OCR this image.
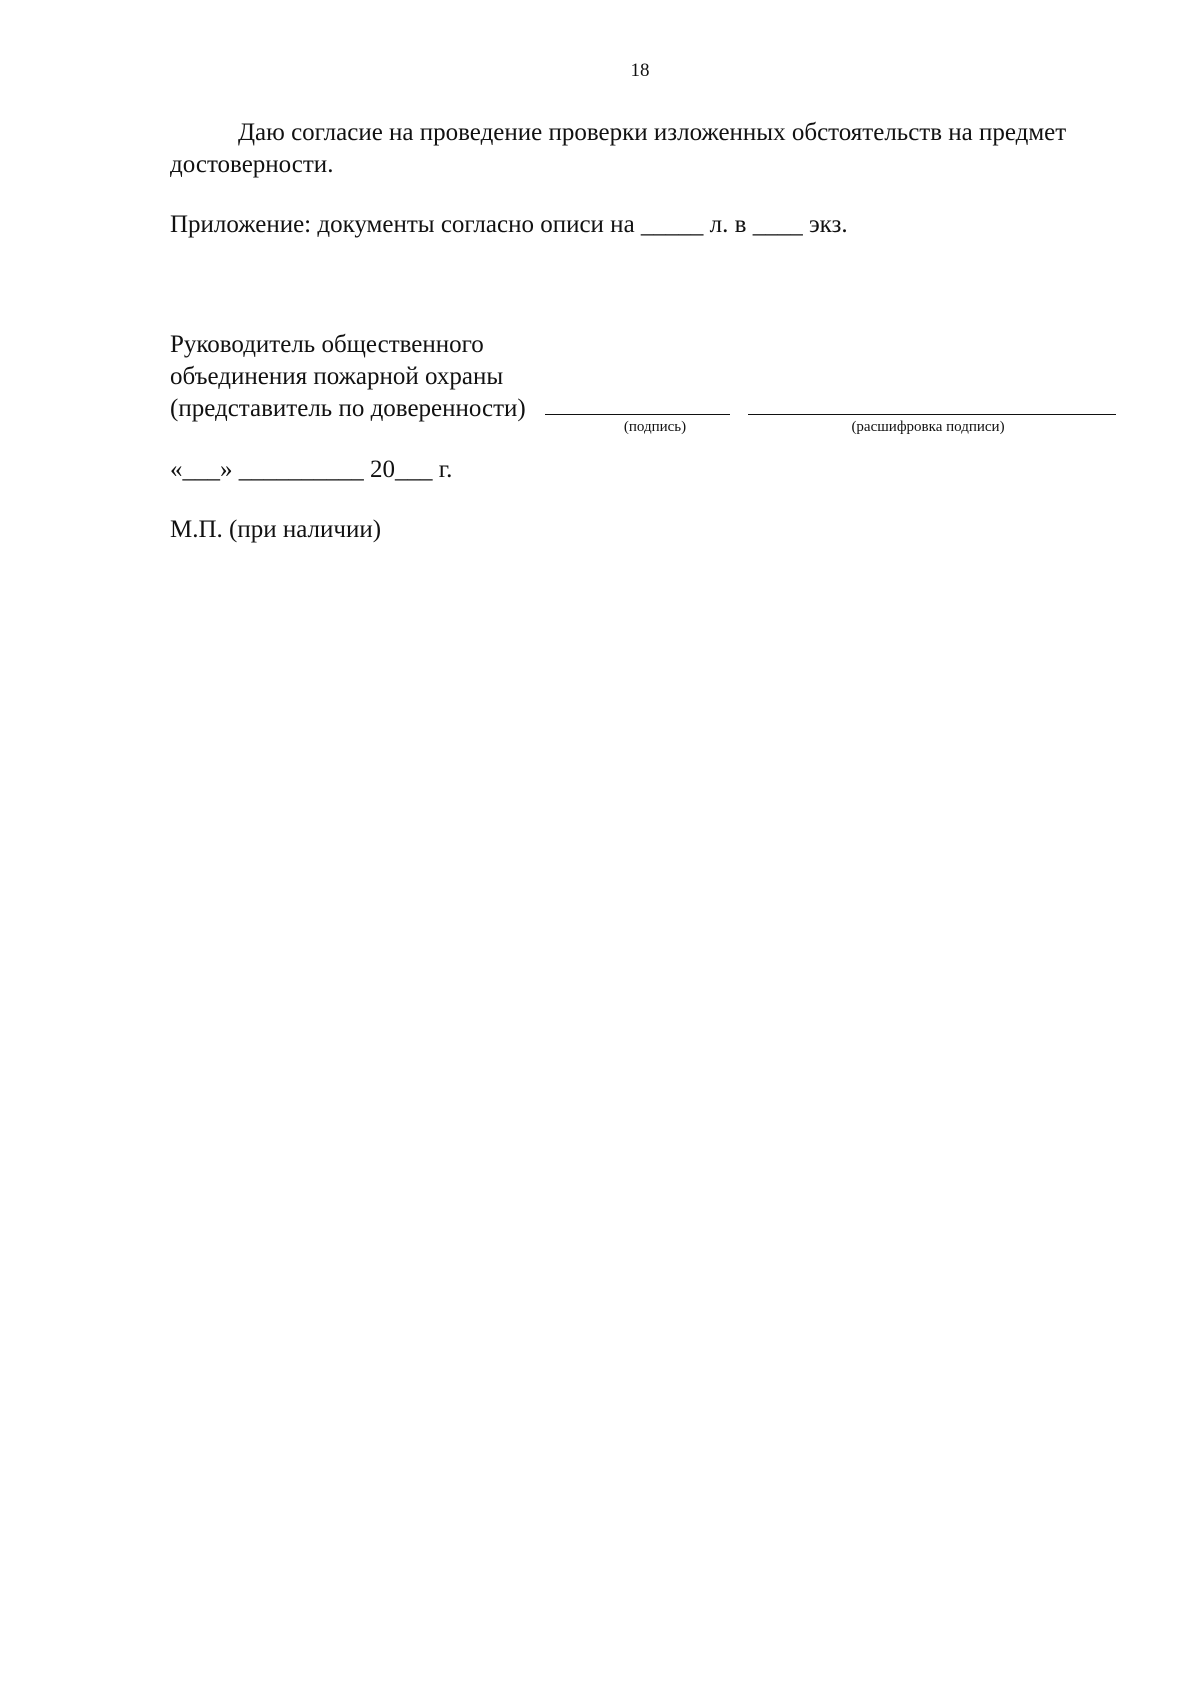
18
Даю согласие на проведение проверки изложенных обстоятельств на предмет достоверности.
Приложение: документы согласно описи на _____ л. в ____ экз.
Руководитель общественного
объединения пожарной охраны
(представитель по доверенности)
(подпись)	(расшифровка подписи)
«___» __________ 20___ г.
М.П. (при наличии)
